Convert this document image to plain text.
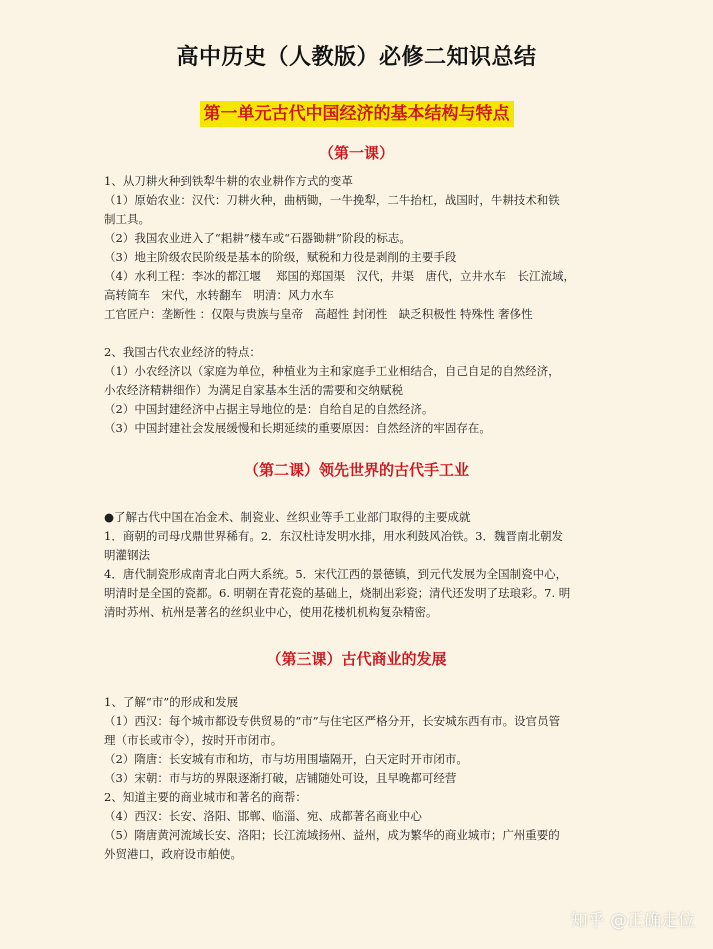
高中历史（人教版）必修二知识总结
第一单元古代中国经济的基本结构与特点
（第一课）

1、从刀耕火种到铁犁牛耕的农业耕作方式的变革

（1）原始农业：汉代：刀耕火种，曲柄锄，一牛挽犁，二牛抬杠，战国时，牛耕技术和铁

制工具。

（2）我国农业进入了“耜耕”楼车或“石器锄耕”阶段的标志。

（3）地主阶级农民阶级是基本的阶级，赋税和力役是剥削的主要手段

（4）水利工程：李冰的都江堰　 郑国的郑国渠　汉代，井渠　唐代，立井水车　长江流域，

高转筒车　宋代，水转翻车　明清：风力水车

工官匠户：垄断性 ：仅限与贵族与皇帝　高超性 封闭性　缺乏积极性 特殊性 奢侈性

2、我国古代农业经济的特点：

（1）小农经济以（家庭为单位，种植业为主和家庭手工业相结合，自己自足的自然经济，

小农经济精耕细作）为满足自家基本生活的需要和交纳赋税

（2）中国封建经济中占据主导地位的是：自给自足的自然经济。

（3）中国封建社会发展缓慢和长期延续的重要原因：自然经济的牢固存在。

（第二课）领先世界的古代手工业

●了解古代中国在冶金术、制瓷业、丝织业等手工业部门取得的主要成就

1．商朝的司母戊鼎世界稀有。2．东汉杜诗发明水排，用水利鼓风冶铁。3．魏晋南北朝发

明灌钢法

4．唐代制瓷形成南青北白两大系统。5．宋代江西的景德镇，到元代发展为全国制瓷中心，

明清时是全国的瓷都。6. 明朝在青花瓷的基础上，烧制出彩瓷；清代还发明了珐琅彩。7. 明

清时苏州、杭州是著名的丝织业中心，使用花楼机机构复杂精密。

（第三课）古代商业的发展

1、了解“市”的形成和发展

（1）西汉：每个城市都设专供贸易的“市”与住宅区严格分开，长安城东西有市。设官员管

理（市长或市令），按时开市闭市。

（2）隋唐：长安城有市和坊，市与坊用围墙隔开，白天定时开市闭市。

（3）宋朝：市与坊的界限逐渐打破，店铺随处可设，且早晚都可经营

2、知道主要的商业城市和著名的商帮：

（4）西汉：长安、洛阳、邯郸、临淄、宛、成都著名商业中心

（5）隋唐黄河流域长安、洛阳；长江流域扬州、益州，成为繁华的商业城市；广州重要的

外贸港口，政府设市舶使。

知乎 @正确走位
